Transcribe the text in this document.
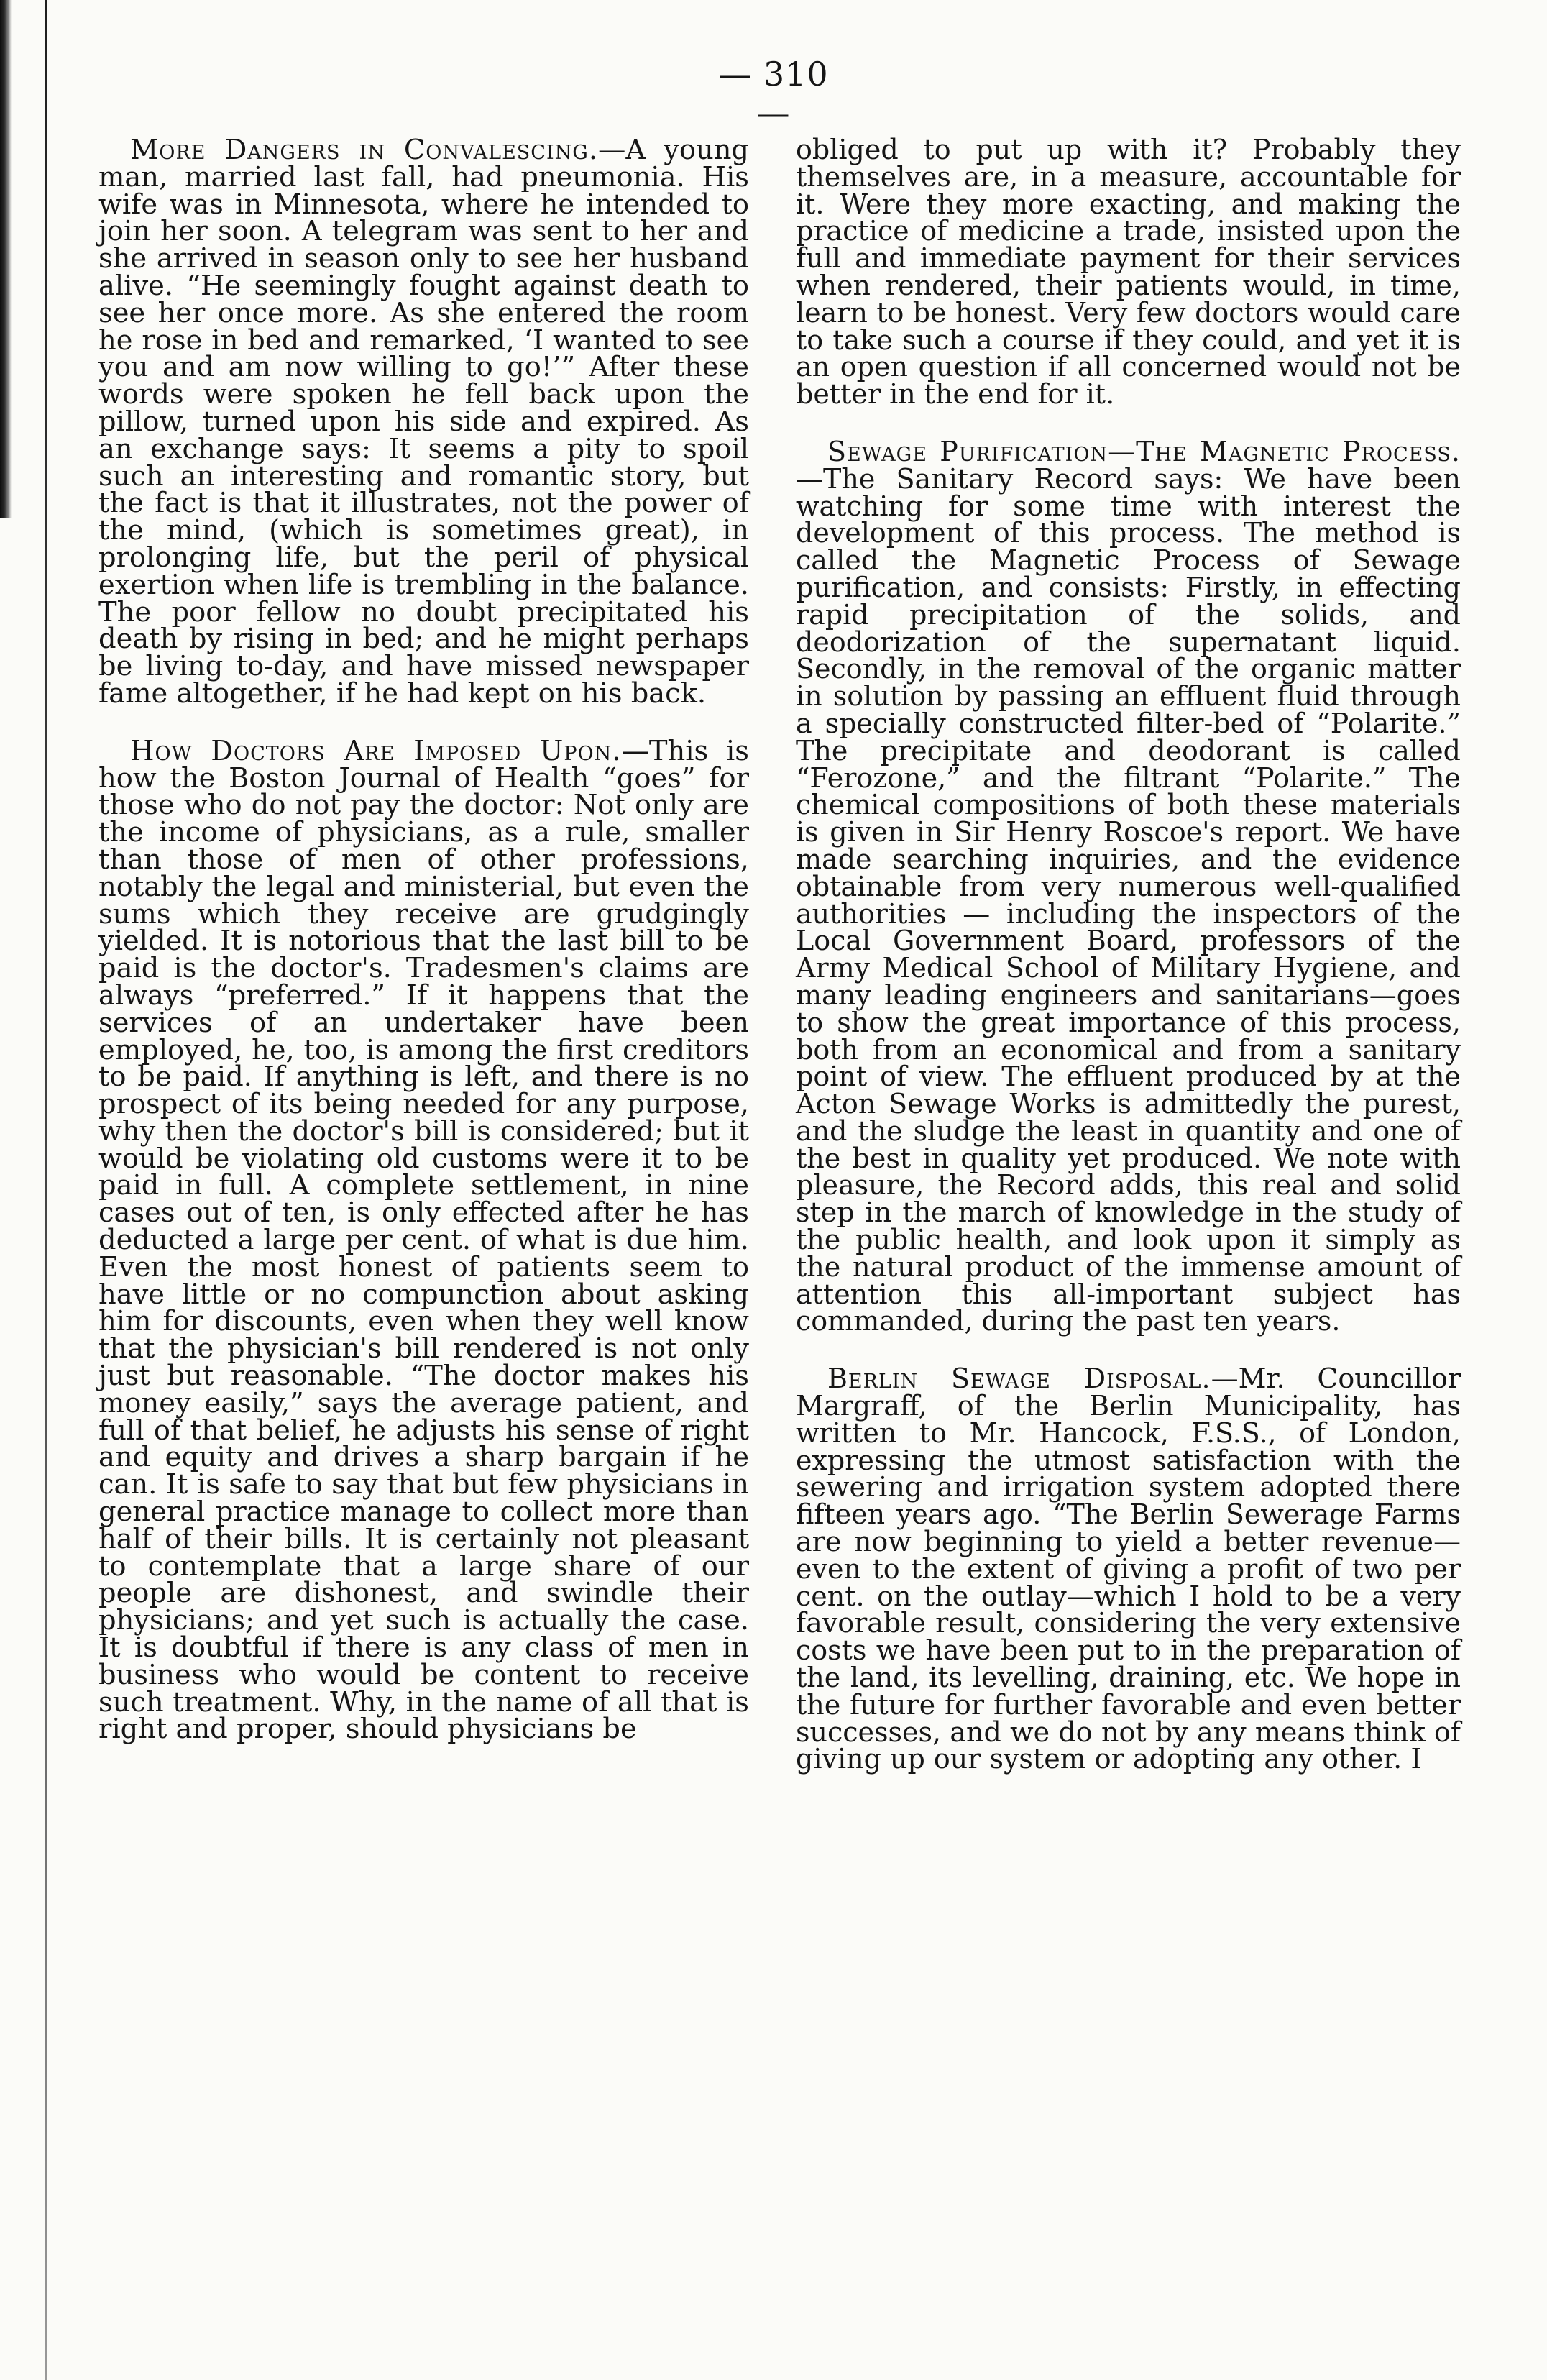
— 310 —

More Dangers in Convalescing.—A young man, married last fall, had pneumonia. His wife was in Minnesota, where he intended to join her soon. A telegram was sent to her and she arrived in season only to see her husband alive. “He seemingly fought against death to see her once more. As she entered the room he rose in bed and remarked, ‘I wanted to see you and am now willing to go!’” After these words were spoken he fell back upon the pillow, turned upon his side and expired. As an exchange says: It seems a pity to spoil such an interesting and romantic story, but the fact is that it illustrates, not the power of the mind, (which is sometimes great), in prolonging life, but the peril of physical exertion when life is trembling in the balance. The poor fellow no doubt precipitated his death by rising in bed; and he might perhaps be living to-day, and have missed newspaper fame altogether, if he had kept on his back.

How Doctors Are Imposed Upon.—This is how the Boston Journal of Health “goes” for those who do not pay the doctor: Not only are the income of physicians, as a rule, smaller than those of men of other professions, notably the legal and ministerial, but even the sums which they receive are grudgingly yielded. It is notorious that the last bill to be paid is the doctor's. Tradesmen's claims are always “preferred.” If it happens that the services of an undertaker have been employed, he, too, is among the first creditors to be paid. If anything is left, and there is no prospect of its being needed for any purpose, why then the doctor's bill is considered; but it would be violating old customs were it to be paid in full. A complete settlement, in nine cases out of ten, is only effected after he has deducted a large per cent. of what is due him. Even the most honest of patients seem to have little or no compunction about asking him for discounts, even when they well know that the physician's bill rendered is not only just but reasonable. “The doctor makes his money easily,” says the average patient, and full of that belief, he adjusts his sense of right and equity and drives a sharp bargain if he can. It is safe to say that but few physicians in general practice manage to collect more than half of their bills. It is certainly not pleasant to contemplate that a large share of our people are dishonest, and swindle their physicians; and yet such is actually the case. It is doubtful if there is any class of men in business who would be content to receive such treatment. Why, in the name of all that is right and proper, should physicians be

obliged to put up with it? Probably they themselves are, in a measure, accountable for it. Were they more exacting, and making the practice of medicine a trade, insisted upon the full and immediate payment for their services when rendered, their patients would, in time, learn to be honest. Very few doctors would care to take such a course if they could, and yet it is an open question if all concerned would not be better in the end for it.

Sewage Purification—The Magnetic Process.—The Sanitary Record says: We have been watching for some time with interest the development of this process. The method is called the Magnetic Process of Sewage purification, and consists: Firstly, in effecting rapid precipitation of the solids, and deodorization of the supernatant liquid. Secondly, in the removal of the organic matter in solution by passing an effluent fluid through a specially constructed filter-bed of “Polarite.” The precipitate and deodorant is called “Ferozone,” and the filtrant “Polarite.” The chemical compositions of both these materials is given in Sir Henry Roscoe's report. We have made searching inquiries, and the evidence obtainable from very numerous well-qualified authorities — including the inspectors of the Local Government Board, professors of the Army Medical School of Military Hygiene, and many leading engineers and sanitarians—goes to show the great importance of this process, both from an economical and from a sanitary point of view. The effluent produced by at the Acton Sewage Works is admittedly the purest, and the sludge the least in quantity and one of the best in quality yet produced. We note with pleasure, the Record adds, this real and solid step in the march of knowledge in the study of the public health, and look upon it simply as the natural product of the immense amount of attention this all-important subject has commanded, during the past ten years.

Berlin Sewage Disposal.—Mr. Councillor Margraff, of the Berlin Municipality, has written to Mr. Hancock, F.S.S., of London, expressing the utmost satisfaction with the sewering and irrigation system adopted there fifteen years ago. “The Berlin Sewerage Farms are now beginning to yield a better revenue—even to the extent of giving a profit of two per cent. on the outlay—which I hold to be a very favorable result, considering the very extensive costs we have been put to in the preparation of the land, its levelling, draining, etc. We hope in the future for further favorable and even better successes, and we do not by any means think of giving up our system or adopting any other. I
